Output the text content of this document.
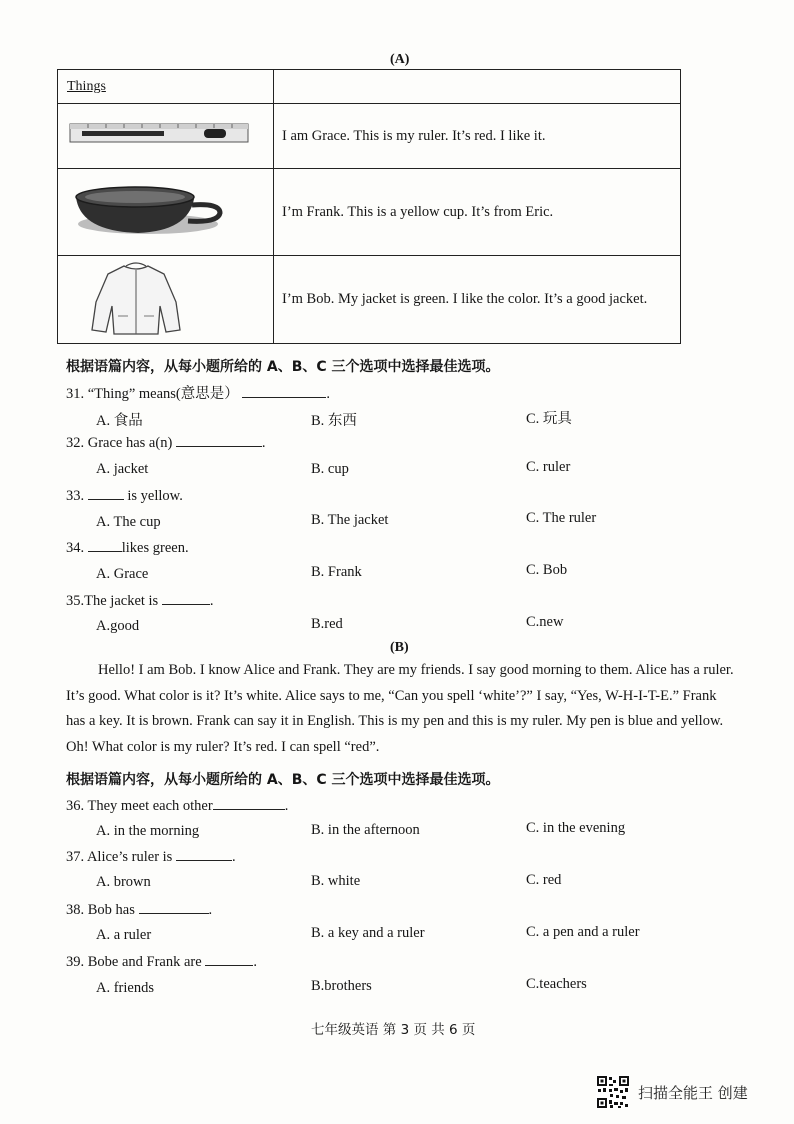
(A)
Things	
	I am Grace. This is my ruler. It’s red. I like it.
	I’m Frank. This is a yellow cup. It’s from Eric.
	I’m Bob. My jacket is green. I like the color. It’s a good jacket.
根据语篇内容，从每小题所给的 A、B、C 三个选项中选择最佳选项。
31. “Thing” means(意思是）	.
A. 食品	B. 东西	C. 玩具
32. Grace has a(n)	.
A. jacket	B. cup	C. ruler
33.	is yellow.
A. The cup	B. The jacket	C. The ruler
34.	likes green.
A. Grace	B. Frank	C. Bob
35.The jacket is	.
A.good	B.red	C.new
(B)
Hello! I am Bob. I know Alice and Frank. They are my friends. I say good morning to them. Alice has a ruler. It’s good. What color is it? It’s white. Alice says to me, “Can you spell ‘white’?” I say, “Yes, W-H-I-T-E.” Frank has a key. It is brown. Frank can say it in English. This is my pen and this is my ruler. My pen is blue and yellow. Oh! What color is my ruler? It’s red. I can spell “red”.
根据语篇内容，从每小题所给的 A、B、C 三个选项中选择最佳选项。
36. They meet each other	.
A. in the morning	B. in the afternoon	C. in the evening
37. Alice’s ruler is	.
A. brown	B. white	C. red
38. Bob has	.
A. a ruler	B. a key and a ruler	C. a pen and a ruler
39. Bobe and Frank are	.
A. friends	B.brothers	C.teachers
七年级英语 第 3 页 共 6 页
扫描全能王 创建
